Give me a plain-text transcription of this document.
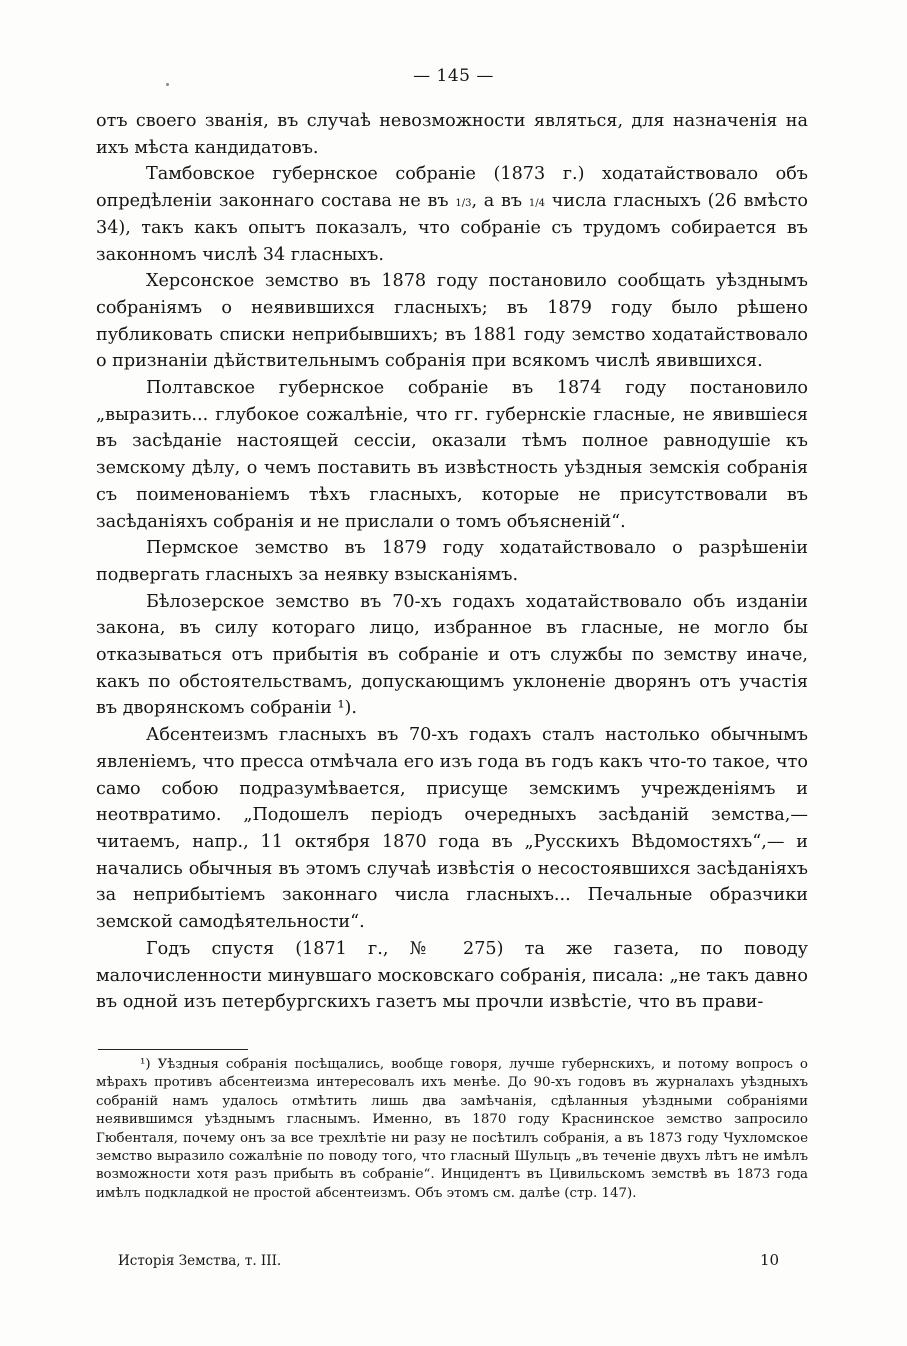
— 145 —

отъ своего званія, въ случаѣ невозможности являться, для назначенія на ихъ мѣста кандидатовъ.

Тамбовское губернское собраніе (1873 г.) ходатайствовало объ опредѣленіи законнаго состава не въ 1/3, а въ 1/4 числа гласныхъ (26 вмѣсто 34), такъ какъ опытъ показалъ, что собраніе съ трудомъ собирается въ законномъ числѣ 34 гласныхъ.

Херсонское земство въ 1878 году постановило сообщать уѣзднымъ собраніямъ о неявившихся гласныхъ; въ 1879 году было рѣшено публиковать списки неприбывшихъ; въ 1881 году земство ходатайствовало о признаніи дѣйствительнымъ собранія при всякомъ числѣ явившихся.

Полтавское губернское собраніе въ 1874 году постановило „выразить... глубокое сожалѣніе, что гг. губернскіе гласные, не явившіеся въ засѣданіе настоящей сессіи, оказали тѣмъ полное равнодушіе къ земскому дѣлу, о чемъ поставить въ извѣстность уѣздныя земскія собранія съ поименованіемъ тѣхъ гласныхъ, которые не присутствовали въ засѣданіяхъ собранія и не прислали о томъ объясненій“.

Пермское земство въ 1879 году ходатайствовало о разрѣшеніи подвергать гласныхъ за неявку взысканіямъ.

Бѣлозерское земство въ 70-хъ годахъ ходатайствовало объ изданіи закона, въ силу котораго лицо, избранное въ гласные, не могло бы отказываться отъ прибытія въ собраніе и отъ службы по земству иначе, какъ по обстоятельствамъ, допускающимъ уклоненіе дворянъ отъ участія въ дворянскомъ собраніи ¹).

Абсентеизмъ гласныхъ въ 70-хъ годахъ сталъ настолько обычнымъ явленіемъ, что пресса отмѣчала его изъ года въ годъ какъ что-то такое, что само собою подразумѣвается, присуще земскимъ учрежденіямъ и неотвратимо. „Подошелъ періодъ очередныхъ засѣданій земства,—читаемъ, напр., 11 октября 1870 года въ „Русскихъ Вѣдомостяхъ“,— и начались обычныя въ этомъ случаѣ извѣстія о несостоявшихся засѣданіяхъ за неприбытіемъ законнаго числа гласныхъ... Печальные образчики земской самодѣятельности“.

Годъ спустя (1871 г., № 275) та же газета, по поводу малочисленности минувшаго московскаго собранія, писала: „не такъ давно въ одной изъ петербургскихъ газетъ мы прочли извѣстіе, что въ прави-

¹) Уѣздныя собранія посѣщались, вообще говоря, лучше губернскихъ, и потому вопросъ о мѣрахъ противъ абсентеизма интересовалъ ихъ менѣе. До 90-хъ годовъ въ журналахъ уѣздныхъ собраній намъ удалось отмѣтить лишь два замѣчанія, сдѣланныя уѣздными собраніями неявившимся уѣзднымъ гласнымъ. Именно, въ 1870 году Краснинское земство запросило Гюбенталя, почему онъ за все трехлѣтіе ни разу не посѣтилъ собранія, а въ 1873 году Чухломское земство выразило сожалѣніе по поводу того, что гласный Шульцъ „въ теченіе двухъ лѣтъ не имѣлъ возможности хотя разъ прибыть въ собраніе“. Инцидентъ въ Цивильскомъ земствѣ въ 1873 года имѣлъ подкладкой не простой абсентеизмъ. Объ этомъ см. далѣе (стр. 147).

Исторія Земства, т. III.	10
